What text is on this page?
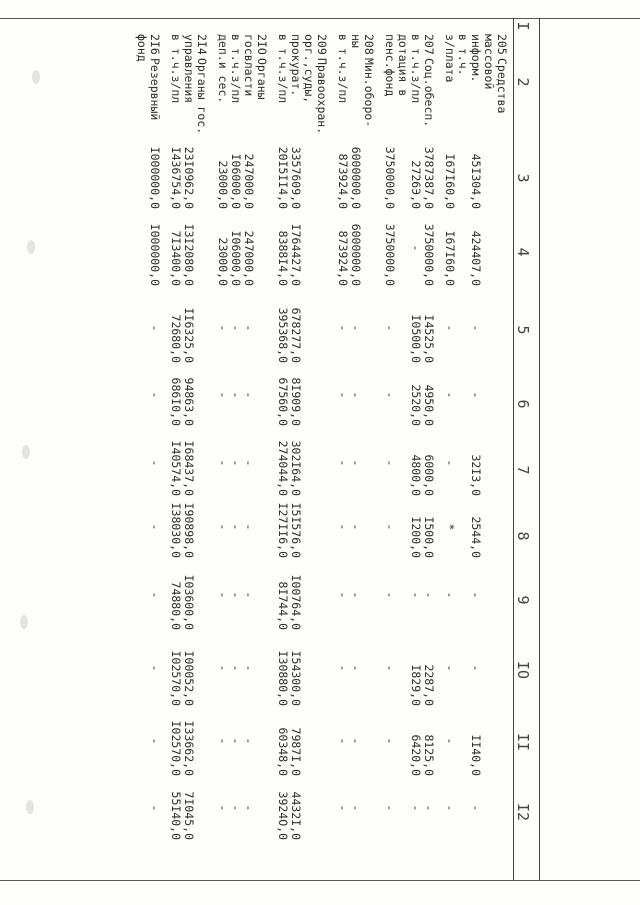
I
2
3
4
5
6
7
8
9
IO
II
I2
205
Средства
массовой
информ.
45I304,0
424407,0
-
-
32I3,0
2544,0
-
-
II40,0
-
в т.ч.
з/плата
I67I60,0
I67I60,0
-
-
-
*
-
-
-
-
207
Соц.обесп.
3787387,0
3750000,0
I4525,0
4950,0
6000,0
I500,0
-
2287,0
8125,0
-
в т.ч.з/пл
2726Э,0
-
I0500,0
2520,0
4800,0
I200,0
-
I829,0
6420,0
-
дотация в
пенс.фонд
3750000,0
3750000,0
-
-
-
-
-
-
-
-
208
Мин.оборо-
ны
6000000,0
6000000,0
-
-
-
-
-
-
-
-
в т.ч.з/пл
873924,0
873924,0
-
-
-
-
-
-
-
-
209
Правоохран.
орг.,суды,
прокурат.
3357609,0
I764427,0
678277,0
8I909,0
302I64,0
I5I576,0
I00764,0
I54300,0
7987I,0
4432I,0
в т.ч.з/пл
20I5II4,0
8388I4,0
395368,0
67560,0
274044,0
I27II6,0
8I744,0
I30880,0
60348,0
3924O,0
2IO
Органы
госвласти
247000,0
247000,0
-
-
-
-
-
-
-
-
в т.ч.з/пл
I06000,0
I06000,0
-
-
-
-
-
-
-
-
деп.и сес.
23000,0
23000,0
-
-
-
-
-
-
-
-
2I4
Органы гос.
управления
23I0962,0
I3I2080,0
II6325,0
94863,0
I68437,0
I90898,0
I03600,0
I00052,0
I33662,0
7I045,0
в т.ч.з/пл
I436754,0
7I3400,0
72680,0
686I0,0
I40574,0
I38030,0
74880,0
I02570,0
I02570,0
55I40,0
2I6
Резервный
I000000,0
I000000,0
-
-
-
-
-
-
-
-
фонд
